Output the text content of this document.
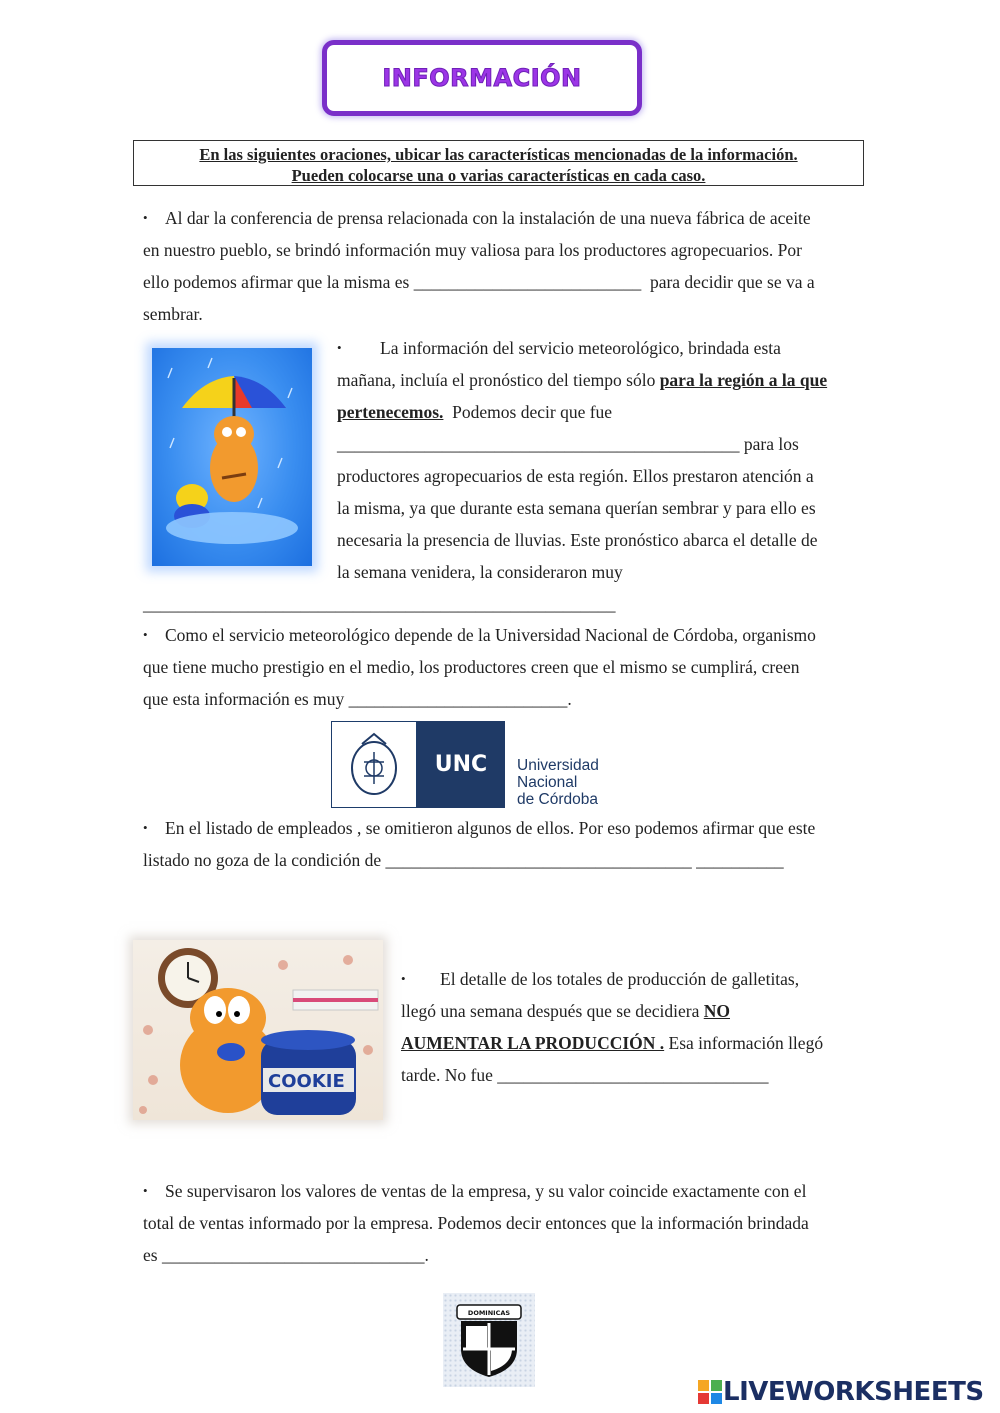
INFORMACIÓN
En las siguientes oraciones, ubicar las características mencionadas de la información.
Pueden colocarse una o varias características en cada caso.
• Al dar la conferencia de prensa relacionada con la instalación de una nueva fábrica de aceite
en nuestro pueblo, se brindó información muy valiosa para los productores agropecuarios. Por
ello podemos afirmar que la misma es __________________________ para decidir que se va a
sembrar.
• La información del servicio meteorológico, brindada esta
mañana, incluía el pronóstico del tiempo sólo para la región a la que
pertenecemos. Podemos decir que fue
______________________________________________ para los
productores agropecuarios de esta región. Ellos prestaron atención a
la misma, ya que durante esta semana querían sembrar y para ello es
necesaria la presencia de lluvias. Este pronóstico abarca el detalle de
la semana venidera, la consideraron muy
______________________________________________________
• Como el servicio meteorológico depende de la Universidad Nacional de Córdoba, organismo
que tiene mucho prestigio en el medio, los productores creen que el mismo se cumplirá, creen
que esta información es muy _________________________.
UNC	Universidad
Nacional
de Córdoba
• En el listado de empleados , se omitieron algunos de ellos. Por eso podemos afirmar que este
listado no goza de la condición de ___________________________________ __________
COOKIE
• El detalle de los totales de producción de galletitas,
llegó una semana después que se decidiera NO
AUMENTAR LA PRODUCCIÓN . Esa información llegó
tarde. No fue _______________________________
• Se supervisaron los valores de ventas de la empresa, y su valor coincide exactamente con el
total de ventas informado por la empresa. Podemos decir entonces que la información brindada
es ______________________________.
DOMINICAS
LIVEWORKSHEETS
